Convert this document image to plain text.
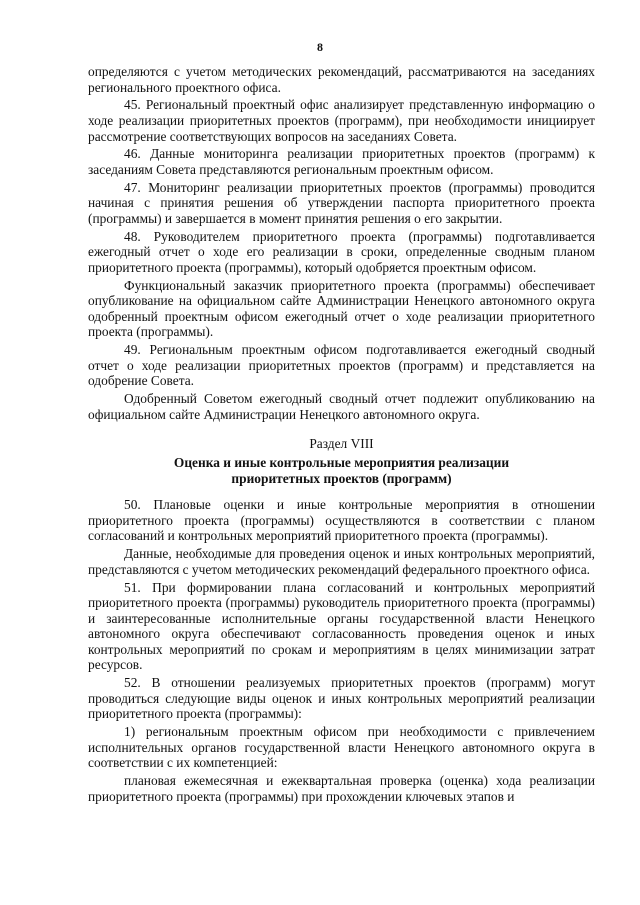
8

определяются с учетом методических рекомендаций, рассматриваются на заседаниях регионального проектного офиса.

45. Региональный проектный офис анализирует представленную информацию о ходе реализации приоритетных проектов (программ), при необходимости инициирует рассмотрение соответствующих вопросов на заседаниях Совета.

46. Данные мониторинга реализации приоритетных проектов (программ) к заседаниям Совета представляются региональным проектным офисом.

47. Мониторинг реализации приоритетных проектов (программы) проводится начиная с принятия решения об утверждении паспорта приоритетного проекта (программы) и завершается в момент принятия решения о его закрытии.

48. Руководителем приоритетного проекта (программы) подготавливается ежегодный отчет о ходе его реализации в сроки, определенные сводным планом приоритетного проекта (программы), который одобряется проектным офисом.

Функциональный заказчик приоритетного проекта (программы) обеспечивает опубликование на официальном сайте Администрации Ненецкого автономного округа одобренный проектным офисом ежегодный отчет о ходе реализации приоритетного проекта (программы).

49. Региональным проектным офисом подготавливается ежегодный сводный отчет о ходе реализации приоритетных проектов (программ) и представляется на одобрение Совета.

Одобренный Советом ежегодный сводный отчет подлежит опубликованию на официальном сайте Администрации Ненецкого автономного округа.

Раздел VIII
Оценка и иные контрольные мероприятия реализации приоритетных проектов (программ)

50. Плановые оценки и иные контрольные мероприятия в отношении приоритетного проекта (программы) осуществляются в соответствии с планом согласований и контрольных мероприятий приоритетного проекта (программы).

Данные, необходимые для проведения оценок и иных контрольных мероприятий, представляются с учетом методических рекомендаций федерального проектного офиса.

51. При формировании плана согласований и контрольных мероприятий приоритетного проекта (программы) руководитель приоритетного проекта (программы) и заинтересованные исполнительные органы государственной власти Ненецкого автономного округа обеспечивают согласованность проведения оценок и иных контрольных мероприятий по срокам и мероприятиям в целях минимизации затрат ресурсов.

52. В отношении реализуемых приоритетных проектов (программ) могут проводиться следующие виды оценок и иных контрольных мероприятий реализации приоритетного проекта (программы):

1) региональным проектным офисом при необходимости с привлечением исполнительных органов государственной власти Ненецкого автономного округа в соответствии с их компетенцией:

плановая ежемесячная и ежеквартальная проверка (оценка) хода реализации приоритетного проекта (программы) при прохождении ключевых этапов и
